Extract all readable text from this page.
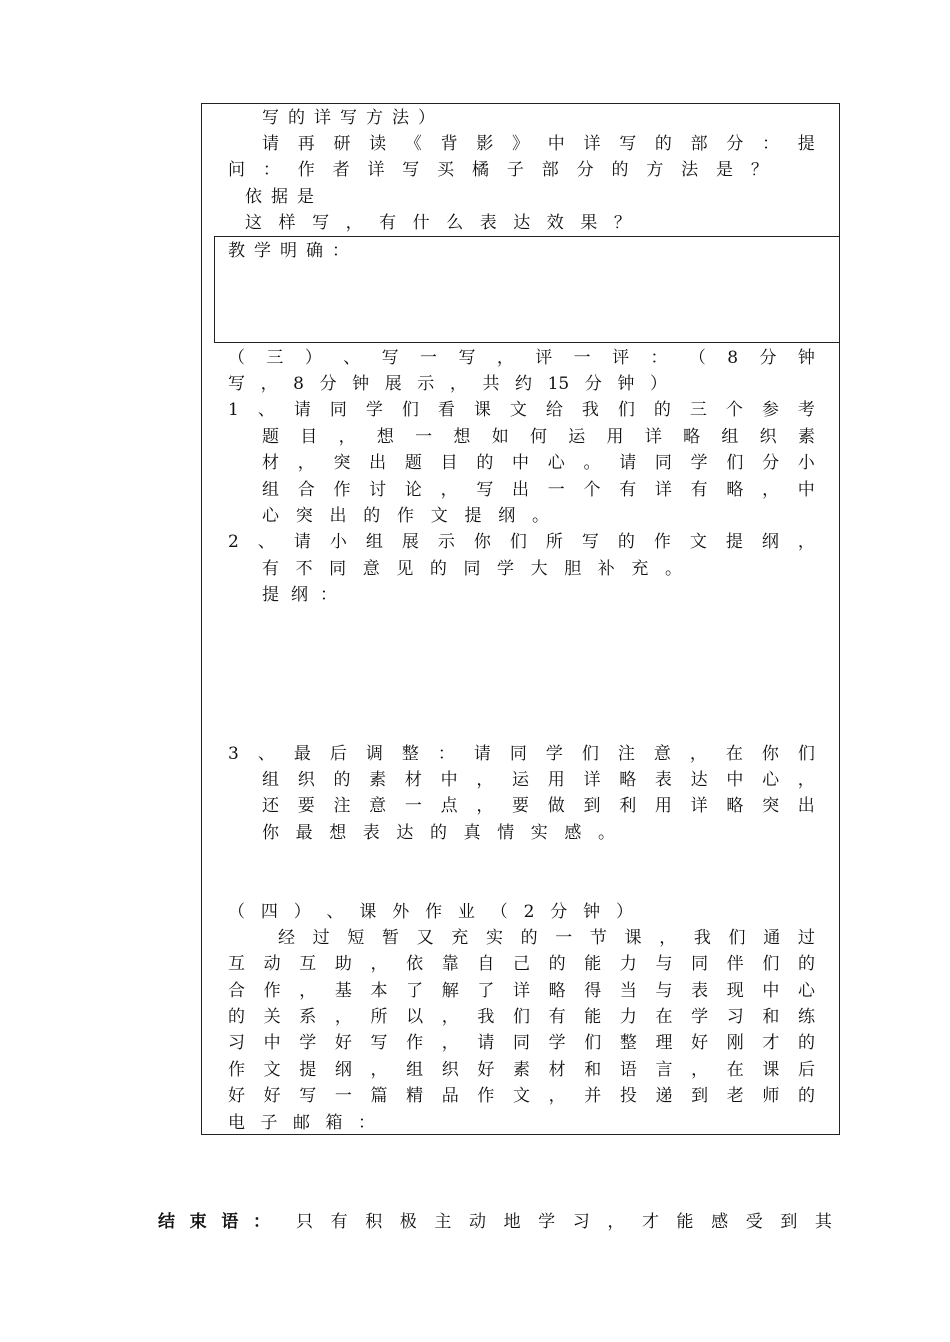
写的详写方法）
请 再 研 读 《 背 影 》 中 详 写 的 部 分 ： 提
问 ： 作 者 详 写 买 橘 子 部 分 的 方 法 是 ？
依据是
这 样 写 ， 有 什 么 表 达 效 果 ？
教学明确：
（ 三 ） 、 写 一 写 ， 评 一 评 ： （ 8 分 钟
写 ， 8 分 钟 展 示 ， 共 约 15 分 钟 ）
1 、 请 同 学 们 看 课 文 给 我 们 的 三 个 参 考
题 目 ， 想 一 想 如 何 运 用 详 略 组 织 素
材 ， 突 出 题 目 的 中 心 。 请 同 学 们 分 小
组 合 作 讨 论 ， 写 出 一 个 有 详 有 略 ， 中
心 突 出 的 作 文 提 纲 。
2 、 请 小 组 展 示 你 们 所 写 的 作 文 提 纲 ，
有 不 同 意 见 的 同 学 大 胆 补 充 。
提 纲 ：
3 、 最 后 调 整 ： 请 同 学 们 注 意 ， 在 你 们
组 织 的 素 材 中 ， 运 用 详 略 表 达 中 心 ，
还 要 注 意 一 点 ， 要 做 到 利 用 详 略 突 出
你 最 想 表 达 的 真 情 实 感 。
（ 四 ） 、 课 外 作 业 （ 2 分 钟 ）
经 过 短 暂 又 充 实 的 一 节 课 ， 我 们 通 过
互 动 互 助 ， 依 靠 自 己 的 能 力 与 同 伴 们 的
合 作 ， 基 本 了 解 了 详 略 得 当 与 表 现 中 心
的 关 系 ， 所 以 ， 我 们 有 能 力 在 学 习 和 练
习 中 学 好 写 作 ， 请 同 学 们 整 理 好 刚 才 的
作 文 提 纲 ， 组 织 好 素 材 和 语 言 ， 在 课 后
好 好 写 一 篇 精 品 作 文 ， 并 投 递 到 老 师 的
电 子 邮 箱 ：
结 束 语 ： 只 有 积 极 主 动 地 学 习 ， 才 能 感 受 到 其
